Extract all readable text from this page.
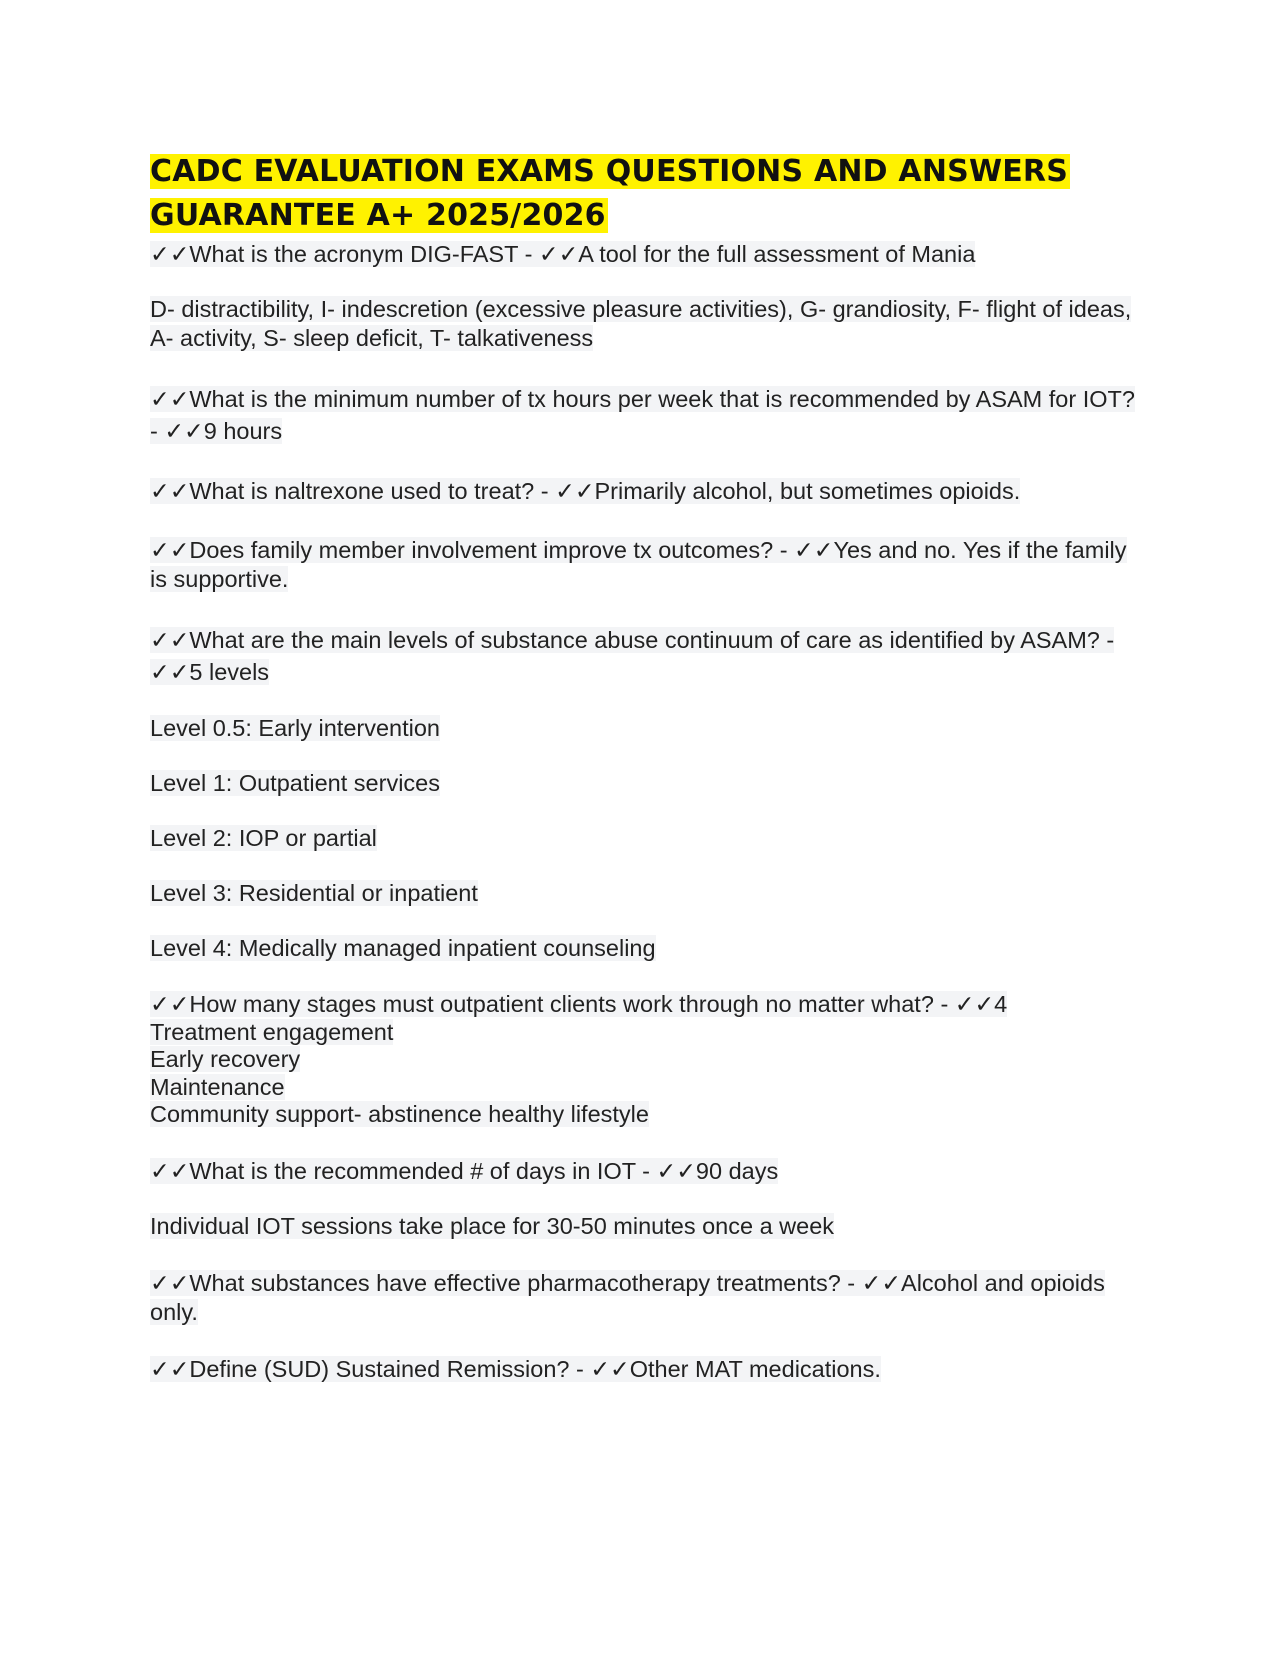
CADC EVALUATION EXAMS QUESTIONS AND ANSWERS
GUARANTEE A+ 2025/2026

✓✓What is the acronym DIG-FAST - ✓✓A tool for the full assessment of Mania

D- distractibility, I- indescretion (excessive pleasure activities), G- grandiosity, F- flight of ideas, A- activity, S- sleep deficit, T- talkativeness

✓✓What is the minimum number of tx hours per week that is recommended by ASAM for IOT? - ✓✓9 hours

✓✓What is naltrexone used to treat? - ✓✓Primarily alcohol, but sometimes opioids.

✓✓Does family member involvement improve tx outcomes? - ✓✓Yes and no. Yes if the family is supportive.

✓✓What are the main levels of substance abuse continuum of care as identified by ASAM? - ✓✓5 levels

Level 0.5: Early intervention

Level 1: Outpatient services

Level 2: IOP or partial

Level 3: Residential or inpatient

Level 4: Medically managed inpatient counseling

✓✓How many stages must outpatient clients work through no matter what? - ✓✓4
Treatment engagement
Early recovery
Maintenance
Community support- abstinence healthy lifestyle

✓✓What is the recommended # of days in IOT - ✓✓90 days

Individual IOT sessions take place for 30-50 minutes once a week

✓✓What substances have effective pharmacotherapy treatments? - ✓✓Alcohol and opioids only.

✓✓Define (SUD) Sustained Remission? - ✓✓Other MAT medications.
